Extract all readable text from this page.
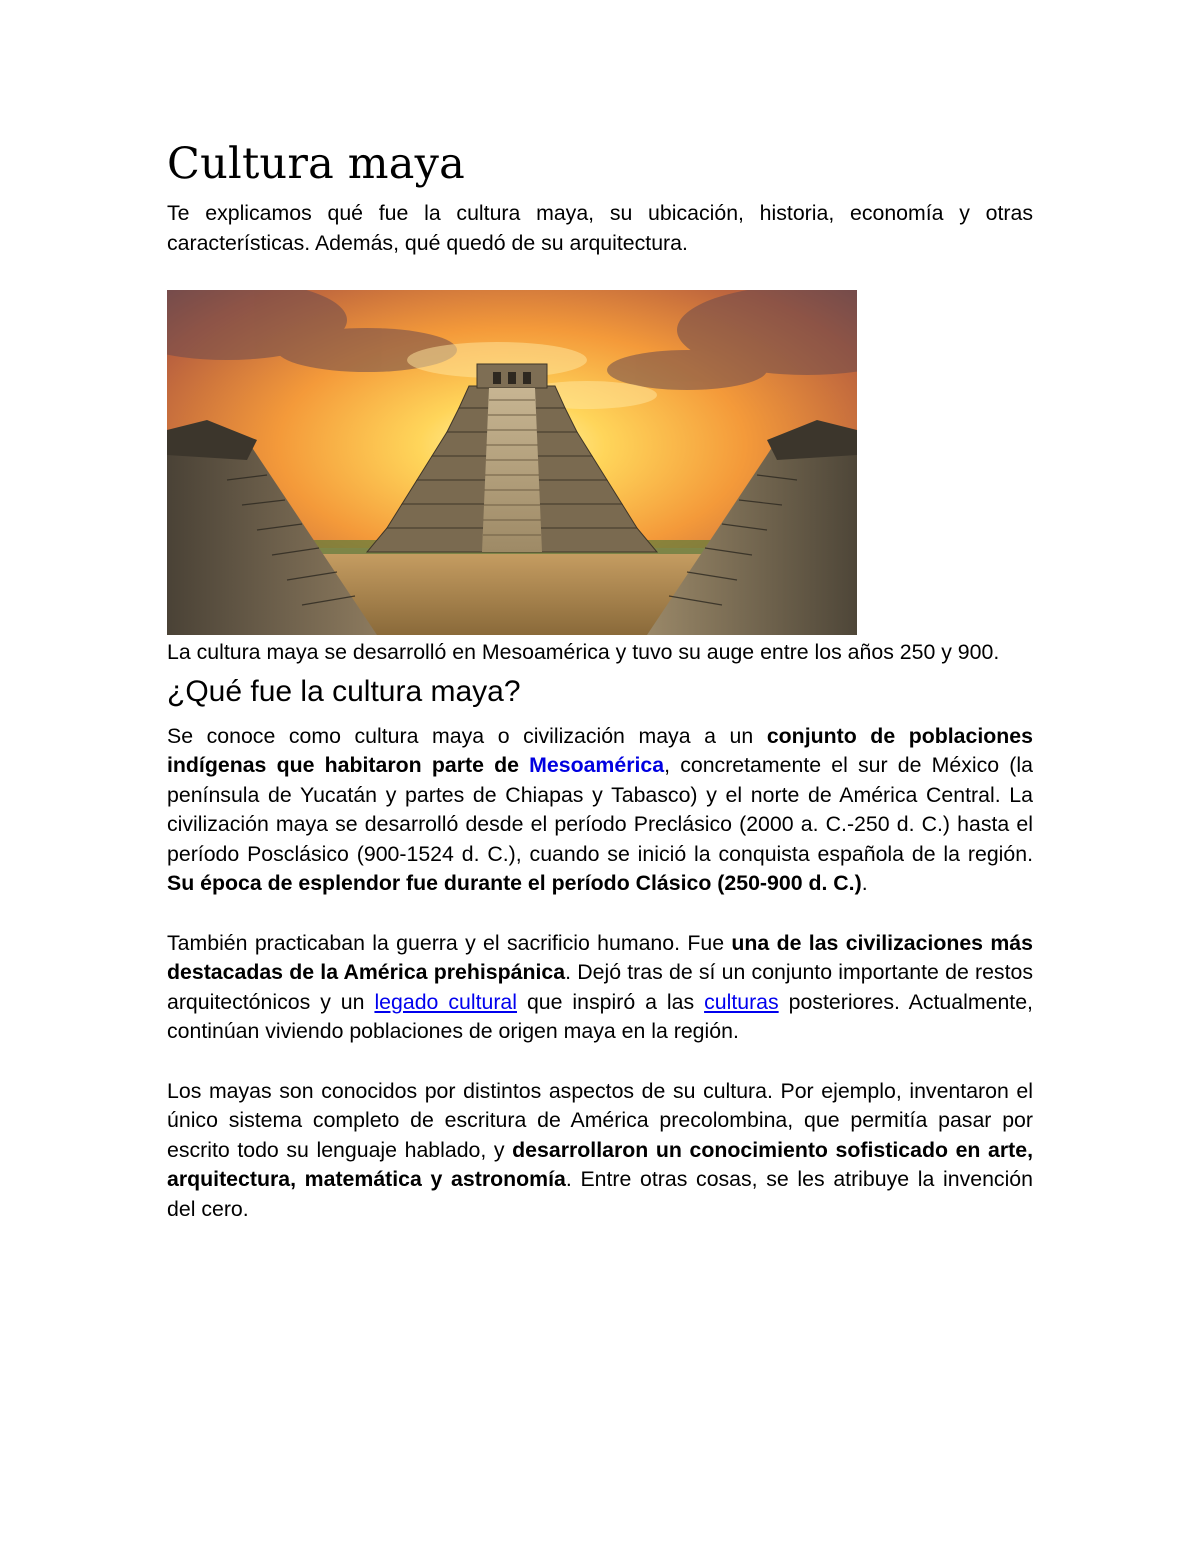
Cultura maya

Te explicamos qué fue la cultura maya, su ubicación, historia, economía y otras características. Además, qué quedó de su arquitectura.

La cultura maya se desarrolló en Mesoamérica y tuvo su auge entre los años 250 y 900.

¿Qué fue la cultura maya?

Se conoce como cultura maya o civilización maya a un conjunto de poblaciones indígenas que habitaron parte de Mesoamérica, concretamente el sur de México (la península de Yucatán y partes de Chiapas y Tabasco) y el norte de América Central. La civilización maya se desarrolló desde el período Preclásico (2000 a. C.-250 d. C.) hasta el período Posclásico (900-1524 d. C.), cuando se inició la conquista española de la región. Su época de esplendor fue durante el período Clásico (250-900 d. C.).

También practicaban la guerra y el sacrificio humano. Fue una de las civilizaciones más destacadas de la América prehispánica. Dejó tras de sí un conjunto importante de restos arquitectónicos y un legado cultural que inspiró a las culturas posteriores. Actualmente, continúan viviendo poblaciones de origen maya en la región.

Los mayas son conocidos por distintos aspectos de su cultura. Por ejemplo, inventaron el único sistema completo de escritura de América precolombina, que permitía pasar por escrito todo su lenguaje hablado, y desarrollaron un conocimiento sofisticado en arte, arquitectura, matemática y astronomía. Entre otras cosas, se les atribuye la invención del cero.
